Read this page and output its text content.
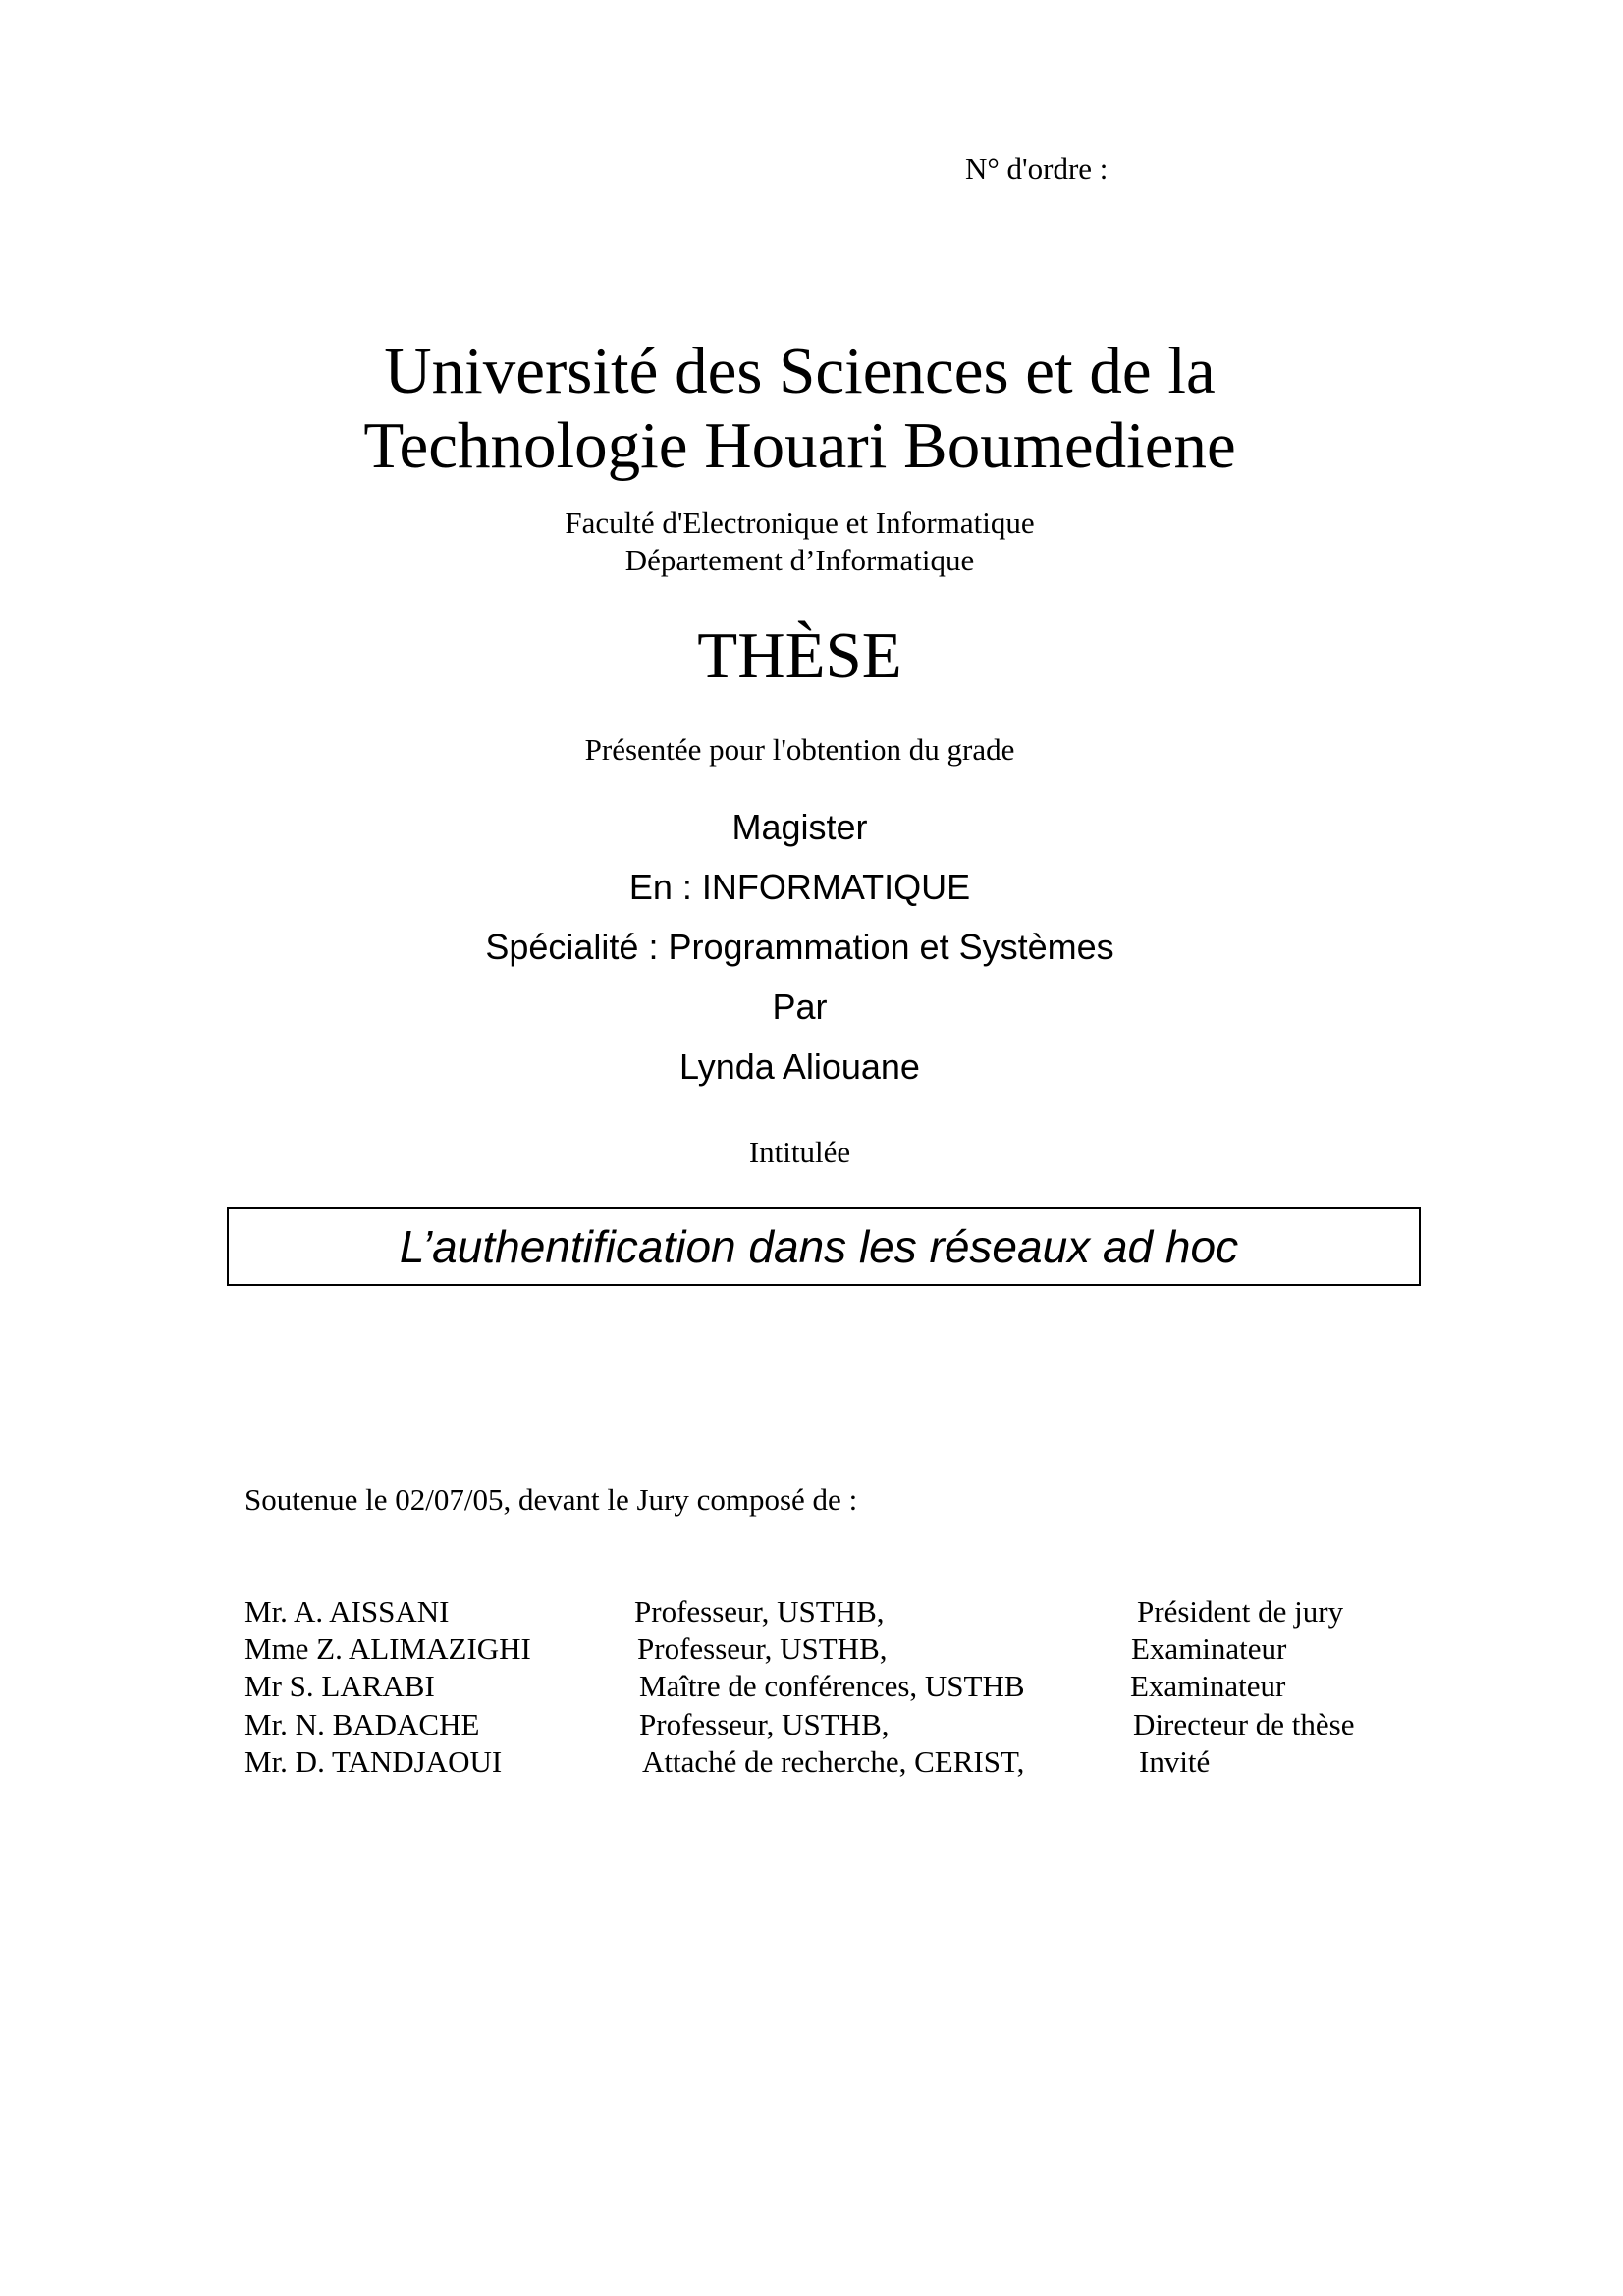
N° d'ordre :
Université des Sciences et de la
Technologie Houari Boumediene
Faculté d'Electronique et Informatique
Département d’Informatique
THÈSE
Présentée pour l'obtention du grade
Magister
En : INFORMATIQUE
Spécialité : Programmation et Systèmes
Par
Lynda Aliouane
Intitulée
L’authentification dans les réseaux ad hoc
Soutenue le 02/07/05, devant le Jury composé de :
Mr. A. AISSANI	Professeur, USTHB,	Président de jury
Mme Z. ALIMAZIGHI	Professeur, USTHB,	Examinateur
Mr S. LARABI	Maître de conférences, USTHB	Examinateur
Mr. N. BADACHE	Professeur, USTHB,	Directeur de thèse
Mr. D. TANDJAOUI	Attaché de recherche, CERIST,	Invité
